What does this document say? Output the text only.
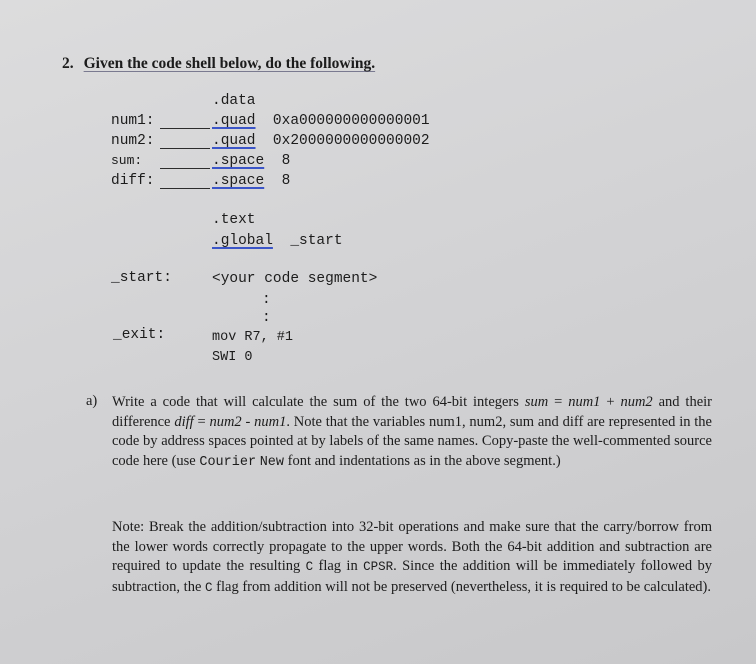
2. Given the code shell below, do the following.
.data
num1:	.quad 0xa000000000000001
num2:	.quad 0x2000000000000002
sum:	.space 8
diff:	.space 8
.text
.global _start
_start:	<your code segment>
:
:
_exit:	mov R7, #1
SWI 0
a) Write a code that will calculate the sum of the two 64-bit integers sum = num1 + num2 and their difference diff = num2 - num1. Note that the variables num1, num2, sum and diff are represented in the code by address spaces pointed at by labels of the same names. Copy-paste the well-commented source code here (use Courier New font and indentations as in the above segment.)
Note: Break the addition/subtraction into 32-bit operations and make sure that the carry/borrow from the lower words correctly propagate to the upper words. Both the 64-bit addition and subtraction are required to update the resulting C flag in CPSR. Since the addition will be immediately followed by subtraction, the C flag from addition will not be preserved (nevertheless, it is required to be calculated).
